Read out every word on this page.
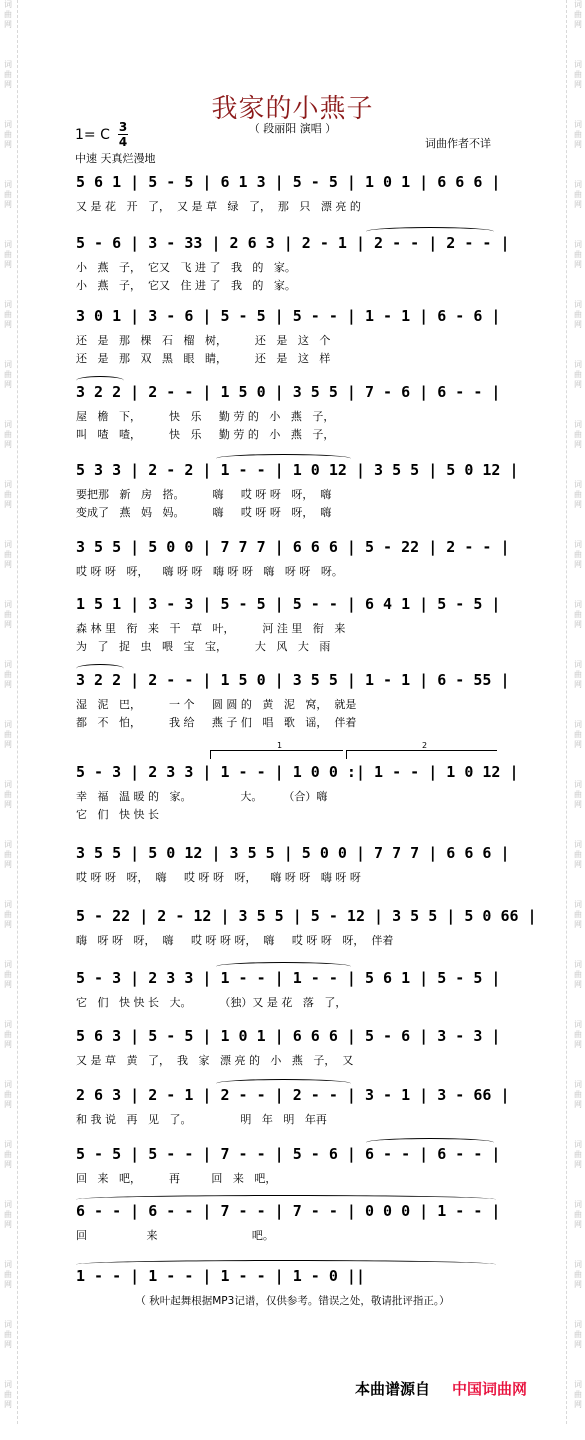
词
曲
网
词
曲
网
词
曲
网
词
曲
网
词
曲
网
词
曲
网
词
曲
网
词
曲
网
词
曲
网
词
曲
网
词
曲
网
词
曲
网
词
曲
网
词
曲
网
词
曲
网
词
曲
网
词
曲
网
词
曲
网
词
曲
网
词
曲
网
词
曲
网
词
曲
网
词
曲
网
词
曲
网
词
曲
网
词
曲
网
词
曲
网
词
曲
网
词
曲
网
词
曲
网
词
曲
网
词
曲
网
词
曲
网
词
曲
网
词
曲
网
词
曲
网
词
曲
网
词
曲
网
词
曲
网
词
曲
网
词
曲
网
词
曲
网
词
曲
网
词
曲
网
词
曲
网
词
曲
网
词
曲
网
词
曲
网
我家的小燕子
（ 段丽阳 演唱 ）
词曲作者不详
1= C 3
4
中速 天真烂漫地
5 6 1 | 5 - 5 | 6 1 3 | 5 - 5 | 1 0 1 | 6 6 6 |
又 是 花   开   了，  又 是 草   绿   了，  那   只   漂 亮 的
5 - 6 | 3 - 33 | 2 6 3 | 2 - 1 | 2 - - | 2 - - |
小   燕   子，  它又   飞 进 了   我   的   家。
小   燕   子，  它又   住 进 了   我   的   家。
3 0 1 | 3 - 6 | 5 - 5 | 5 - - | 1 - 1 | 6 - 6 |
还   是   那   棵   石   榴   树，        还   是   这   个
还   是   那   双   黑   眼   睛，        还   是   这   样
3 2 2 | 2 - - | 1 5 0 | 3 5 5 | 7 - 6 | 6 - - |
屋   檐   下，        快   乐     勤 劳 的   小   燕   子，
叫   喳   喳，        快   乐     勤 劳 的   小   燕   子，
5 3 3 | 2 - 2 | 1 - - | 1 0 12 | 3 5 5 | 5 0 12 |
要把那   新   房   搭。        嗨     哎 呀 呀   呀，  嗨
变成了   燕   妈   妈。        嗨     哎 呀 呀   呀，  嗨
3 5 5 | 5 0 0 | 7 7 7 | 6 6 6 | 5 - 22 | 2 - - |
哎 呀 呀   呀，    嗨 呀 呀   嗨 呀 呀   嗨   呀 呀   呀。
1 5 1 | 3 - 3 | 5 - 5 | 5 - - | 6 4 1 | 5 - 5 |
森 林 里   衔   来   干   草   叶，        河 洼 里   衔   来
为   了   捉   虫   喂   宝   宝，        大   风   大   雨
3 2 2 | 2 - - | 1 5 0 | 3 5 5 | 1 - 1 | 6 - 55 |
湿   泥   巴，        一 个     圆 圆 的   黄   泥   窝，  就是
都   不   怕，        我 给     燕 子 们   唱   歌   谣，  伴着
5 - 3 | 2 3 3 | 1 - - | 1 0 0 :| 1 - - | 1 0 12 |
幸   福   温 暖 的   家。              大。      （合）嗨
它   们   快 快 长
1	2
3 5 5 | 5 0 12 | 3 5 5 | 5 0 0 | 7 7 7 | 6 6 6 |
哎 呀 呀   呀，  嗨     哎 呀 呀   呀，    嗨 呀 呀   嗨 呀 呀
5 - 22 | 2 - 12 | 3 5 5 | 5 - 12 | 3 5 5 | 5 0 66 |
嗨   呀 呀   呀，  嗨     哎 呀 呀 呀，  嗨     哎 呀 呀   呀，  伴着
5 - 3 | 2 3 3 | 1 - - | 1 - - | 5 6 1 | 5 - 5 |
它   们   快 快 长   大。        （独）又 是 花   落   了，
5 6 3 | 5 - 5 | 1 0 1 | 6 6 6 | 5 - 6 | 3 - 3 |
又 是 草   黄   了，  我   家   漂 亮 的   小   燕   子，  又
2 6 3 | 2 - 1 | 2 - - | 2 - - | 3 - 1 | 3 - 66 |
和 我 说   再   见   了。              明   年   明   年再
5 - 5 | 5 - - | 7 - - | 5 - 6 | 6 - - | 6 - - |
回   来   吧，        再         回   来   吧，
6 - - | 6 - - | 7 - - | 7 - - | 0 0 0 | 1 - - |
回                 来                           吧。
1 - - | 1 - - | 1 - - | 1 - 0 ||
（ 秋叶起舞根据MP3记谱，仅供参考。错误之处，敬请批评指正。）
本曲谱源自 中国词曲网
